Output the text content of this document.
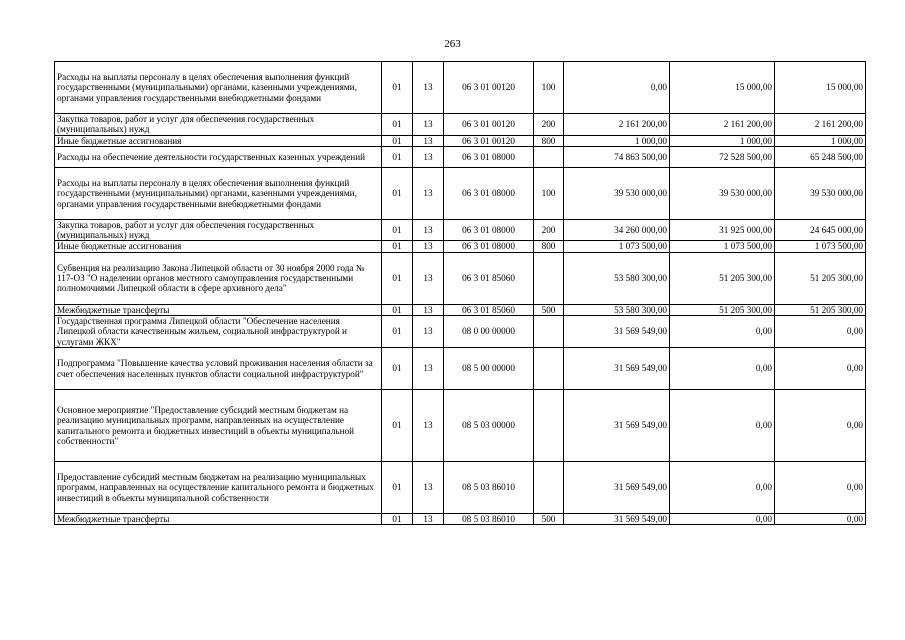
263
Расходы на выплаты персоналу в целях обеспечения выполнения функций государственными (муниципальными) органами, казенными учреждениями, органами управления государственными внебюджетными фондами	01	13	06 3 01 00120	100	0,00	15 000,00	15 000,00
Закупка товаров, работ и услуг для обеспечения государственных (муниципальных) нужд	01	13	06 3 01 00120	200	2 161 200,00	2 161 200,00	2 161 200,00
Иные бюджетные ассигнования	01	13	06 3 01 00120	800	1 000,00	1 000,00	1 000,00
Расходы на обеспечение деятельности государственных казенных учреждений	01	13	06 3 01 08000		74 863 500,00	72 528 500,00	65 248 500,00
Расходы на выплаты персоналу в целях обеспечения выполнения функций государственными (муниципальными) органами, казенными учреждениями, органами управления государственными внебюджетными фондами	01	13	06 3 01 08000	100	39 530 000,00	39 530 000,00	39 530 000,00
Закупка товаров, работ и услуг для обеспечения государственных (муниципальных) нужд	01	13	06 3 01 08000	200	34 260 000,00	31 925 000,00	24 645 000,00
Иные бюджетные ассигнования	01	13	06 3 01 08000	800	1 073 500,00	1 073 500,00	1 073 500,00
Субвенция на реализацию Закона Липецкой области от 30 ноября 2000 года № 117-ОЗ "О наделении органов местного самоуправления государственными полномочиями Липецкой области в сфере архивного дела"	01	13	06 3 01 85060		53 580 300,00	51 205 300,00	51 205 300,00
Межбюджетные трансферты	01	13	06 3 01 85060	500	53 580 300,00	51 205 300,00	51 205 300,00
Государственная программа Липецкой области "Обеспечение населения Липецкой области качественным жильем, социальной инфраструктурой и услугами ЖКХ"	01	13	08 0 00 00000		31 569 549,00	0,00	0,00
Подпрограмма "Повышение качества условий проживания населения области за счет обеспечения населенных пунктов области социальной инфраструктурой"	01	13	08 5 00 00000		31 569 549,00	0,00	0,00
Основное мероприятие "Предоставление субсидий местным бюджетам на реализацию муниципальных программ, направленных на осуществление капитального ремонта и бюджетных инвестиций в объекты муниципальной собственности"	01	13	08 5 03 00000		31 569 549,00	0,00	0,00
Предоставление субсидий местным бюджетам на реализацию муниципальных программ, направленных на осуществление капитального ремонта и бюджетных инвестиций в объекты муниципальной собственности	01	13	08 5 03 86010		31 569 549,00	0,00	0,00
Межбюджетные трансферты	01	13	08 5 03 86010	500	31 569 549,00	0,00	0,00
